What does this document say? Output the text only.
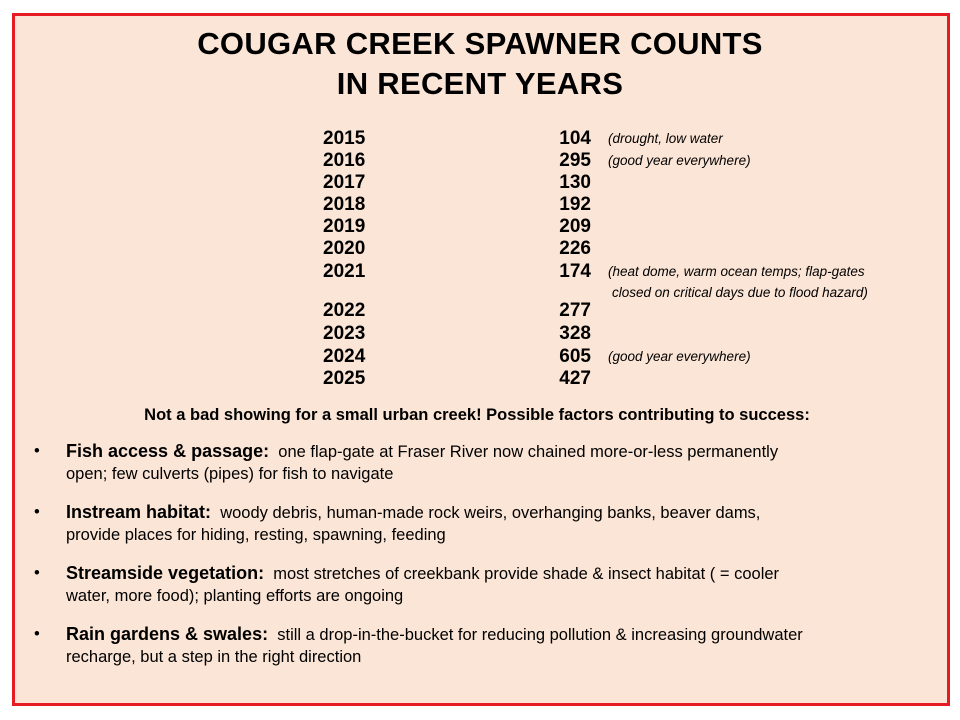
COUGAR CREEK SPAWNER COUNTS
IN RECENT YEARS
2015	104 (drought, low water
2016	295 (good year everywhere)
2017	130
2018	192
2019	209
2020	226
2021	174 (heat dome, warm ocean temps; flap-gates
closed on critical days due to flood hazard)
2022	277
2023	328
2024	605 (good year everywhere)
2025	427
Not a bad showing for a small urban creek! Possible factors contributing to success:
•	Fish access & passage: one flap-gate at Fraser River now chained more-or-less permanently
open; few culverts (pipes) for fish to navigate
•	Instream habitat: woody debris, human-made rock weirs, overhanging banks, beaver dams,
provide places for hiding, resting, spawning, feeding
•	Streamside vegetation: most stretches of creekbank provide shade & insect habitat ( = cooler
water, more food); planting efforts are ongoing
•	Rain gardens & swales: still a drop-in-the-bucket for reducing pollution & increasing groundwater
recharge, but a step in the right direction
